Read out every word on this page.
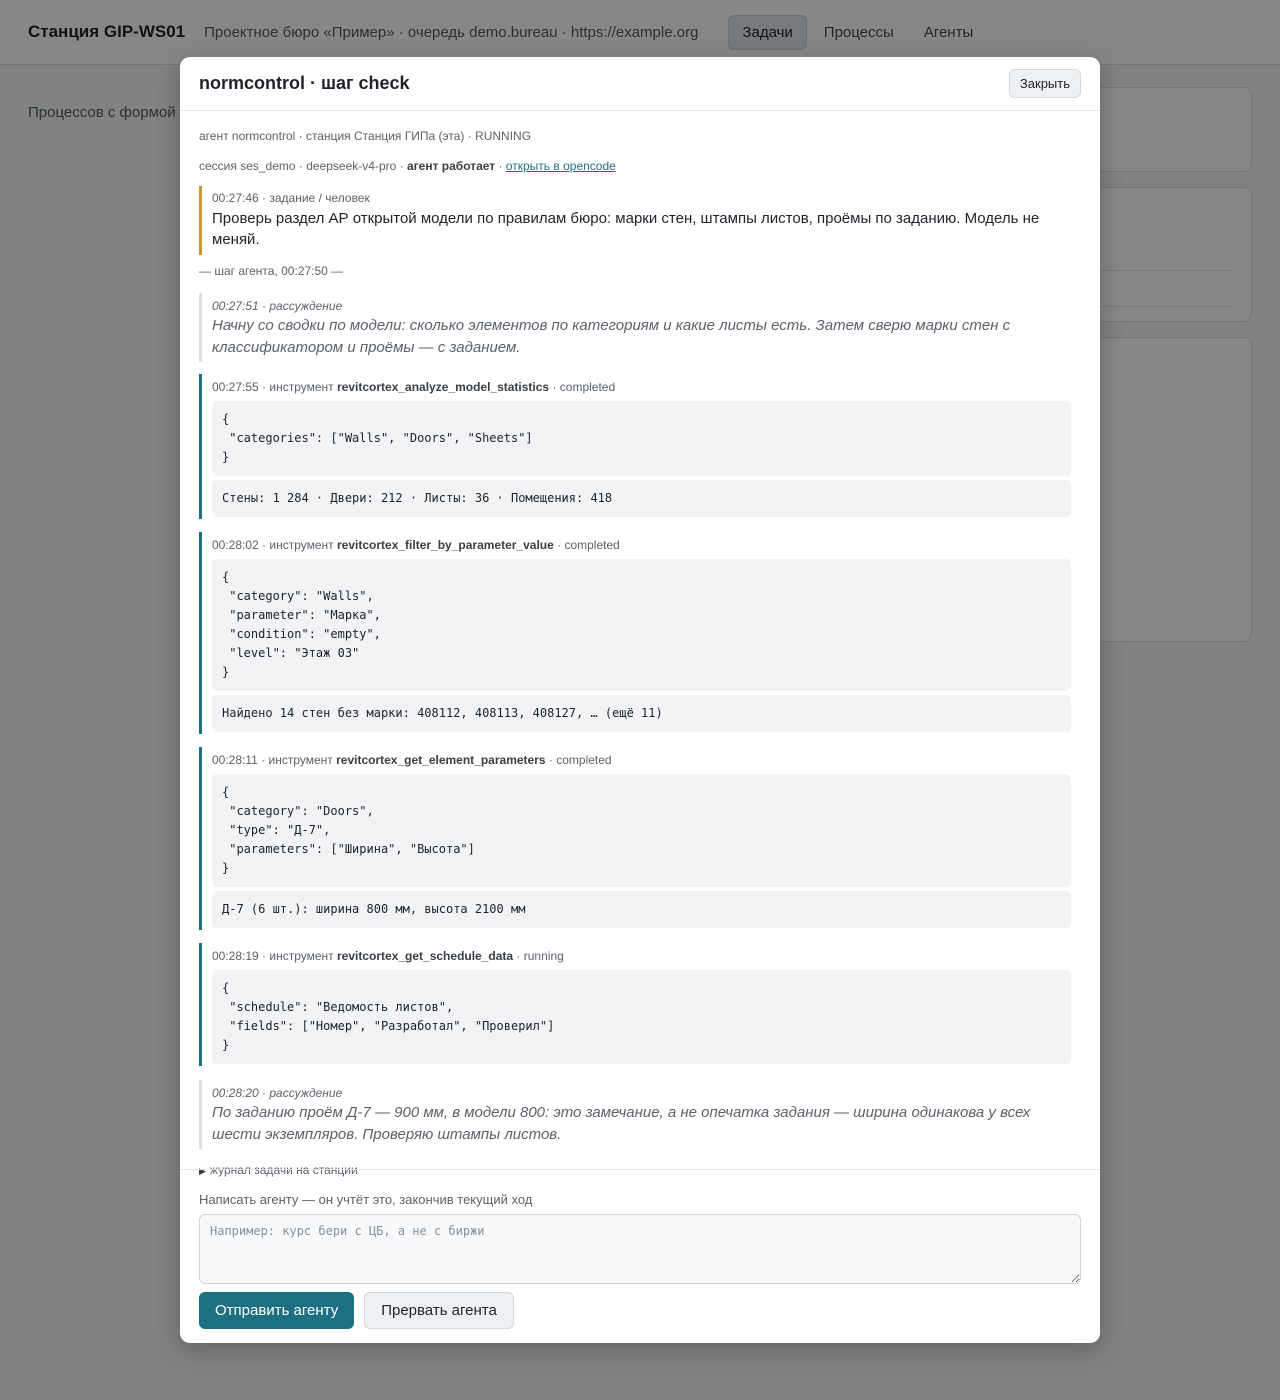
Станция GIP-WS01 Проектное бюро «Пример» · очередь demo.bureau · https://example.org	Задачи	Процессы	Агенты
Процессов с формой
normcontrol · шаг check	Закрыть
агент normcontrol · станция Станция ГИПа (эта) · RUNNING
сессия ses_demo · deepseek-v4-pro · агент работает · открыть в opencode
00:27:46 · задание / человек
Проверь раздел АР открытой модели по правилам бюро: марки стен, штампы листов, проёмы по заданию. Модель не меняй.
— шаг агента, 00:27:50 —
00:27:51 · рассуждение
Начну со сводки по модели: сколько элементов по категориям и какие листы есть. Затем сверю марки стен с классификатором и проёмы — с заданием.
00:27:55 · инструмент revitcortex_analyze_model_statistics · completed
{
"categories": ["Walls", "Doors", "Sheets"]
}
Стены: 1 284 · Двери: 212 · Листы: 36 · Помещения: 418
00:28:02 · инструмент revitcortex_filter_by_parameter_value · completed
{
"category": "Walls",
"parameter": "Марка",
"condition": "empty",
"level": "Этаж 03"
}
Найдено 14 стен без марки: 408112, 408113, 408127, … (ещё 11)
00:28:11 · инструмент revitcortex_get_element_parameters · completed
{
"category": "Doors",
"type": "Д-7",
"parameters": ["Ширина", "Высота"]
}
Д-7 (6 шт.): ширина 800 мм, высота 2100 мм
00:28:19 · инструмент revitcortex_get_schedule_data · running
{
"schedule": "Ведомость листов",
"fields": ["Номер", "Разработал", "Проверил"]
}
00:28:20 · рассуждение
По заданию проём Д-7 — 900 мм, в модели 800: это замечание, а не опечатка задания — ширина одинакова у всех шести экземпляров. Проверяю штампы листов.
▶ журнал задачи на станции
Написать агенту — он учтёт это, закончив текущий ход
Например: курс бери с ЦБ, а не с биржи
Отправить агенту	Прервать агента
